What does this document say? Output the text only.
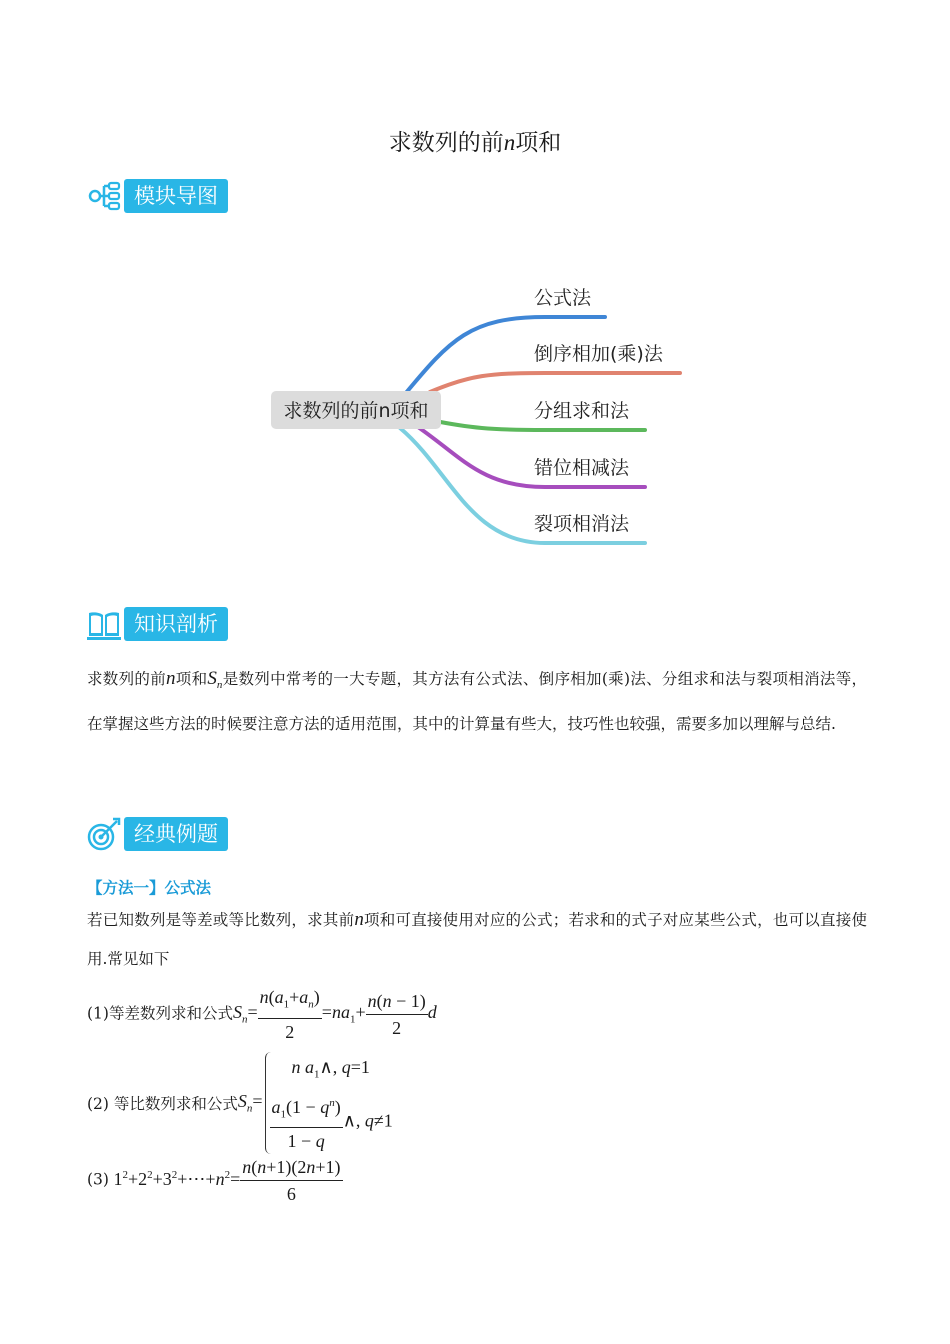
求数列的前n项和
模块导图
求数列的前n项和
公式法
倒序相加(乘)法
分组求和法
错位相减法
裂项相消法
知识剖析
求数列的前n项和$S_n$是数列中常考的一大专题，其方法有公式法、倒序相加(乘)法、分组求和法与裂项相消法等，在掌握这些方法的时候要注意方法的适用范围，其中的计算量有些大，技巧性也较强，需要多加以理解与总结.
经典例题
【方法一】公式法
若已知数列是等差或等比数列，求其前n项和可直接使用对应的公式；若求和的式子对应某些公式，也可以直接使用.常见如下
(1)等差数列求和公式$S_n= \frac{n(a_1+a_n)}{2} =na_1+ \frac{n(n - 1)}{2}$ d
(2) 等比数列求和公式 $S_n=$
n $a_1\wedge$, q=1
$\frac{a_1(1 - q^n)}{1 - q}$ ∧, q≠1
(3) $1^2+2^2+3^2+\cdots+n^2= \frac{n(n+1)(2n+1)}{6}$
